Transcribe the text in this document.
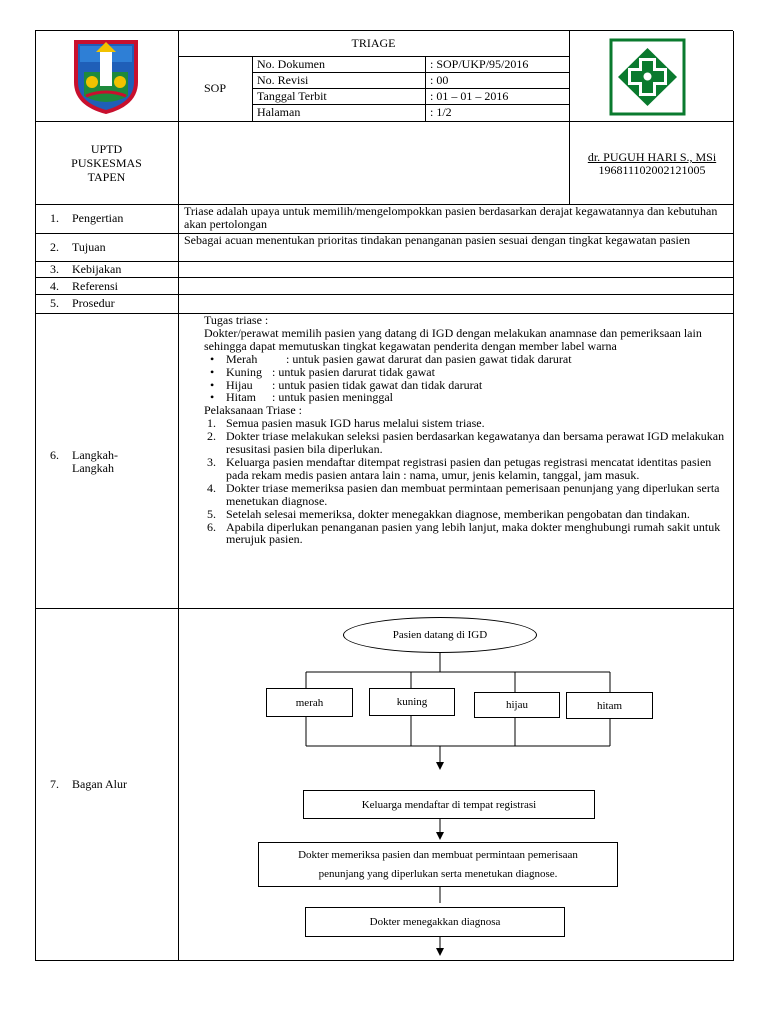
TRIAGE
SOP
No. Dokumen	: SOP/UKP/95/2016
No. Revisi	: 00
Tanggal Terbit	: 01 – 01 – 2016
Halaman	: 1/2
UPTD
PUSKESMAS
TAPEN
dr. PUGUH HARI S., MSi
196811102002121005
1. Pengertian	Triase adalah upaya untuk memilih/mengelompokkan pasien berdasarkan derajat kegawatannya dan kebutuhan akan pertolongan
2. Tujuan	Sebagai acuan menentukan prioritas tindakan penanganan pasien sesuai dengan tingkat kegawatan pasien
3. Kebijakan
4. Referensi
5. Prosedur
6. Langkah-
Langkah
Tugas triase :
Dokter/perawat memilih pasien yang datang di IGD dengan melakukan anamnase dan pemeriksaan lain sehingga dapat memutuskan tingkat kegawatan penderita dengan member label warna
• Merah : untuk pasien gawat darurat dan pasien gawat tidak darurat
• Kuning : untuk pasien darurat tidak gawat
• Hijau : untuk pasien tidak gawat dan tidak darurat
• Hitam : untuk pasien meninggal
Pelaksanaan Triase :
1. Semua pasien masuk IGD harus melalui sistem triase.
2. Dokter triase melakukan seleksi pasien berdasarkan kegawatanya dan bersama perawat IGD melakukan resusitasi pasien bila diperlukan.
3. Keluarga pasien mendaftar ditempat registrasi pasien dan petugas registrasi mencatat identitas pasien pada rekam medis pasien antara lain : nama, umur, jenis kelamin, tanggal, jam masuk.
4. Dokter triase memeriksa pasien dan membuat permintaan pemerisaan penunjang yang diperlukan serta menetukan diagnose.
5. Setelah selesai memeriksa, dokter menegakkan diagnose, memberikan pengobatan dan tindakan.
6. Apabila diperlukan penanganan pasien yang lebih lanjut, maka dokter menghubungi rumah sakit untuk merujuk pasien.
7. Bagan Alur
Pasien datang di IGD
merah	kuning	hijau	hitam
Keluarga mendaftar di tempat registrasi
Dokter memeriksa pasien dan membuat permintaan pemerisaan
penunjang yang diperlukan serta menetukan diagnose.
Dokter menegakkan diagnosa
